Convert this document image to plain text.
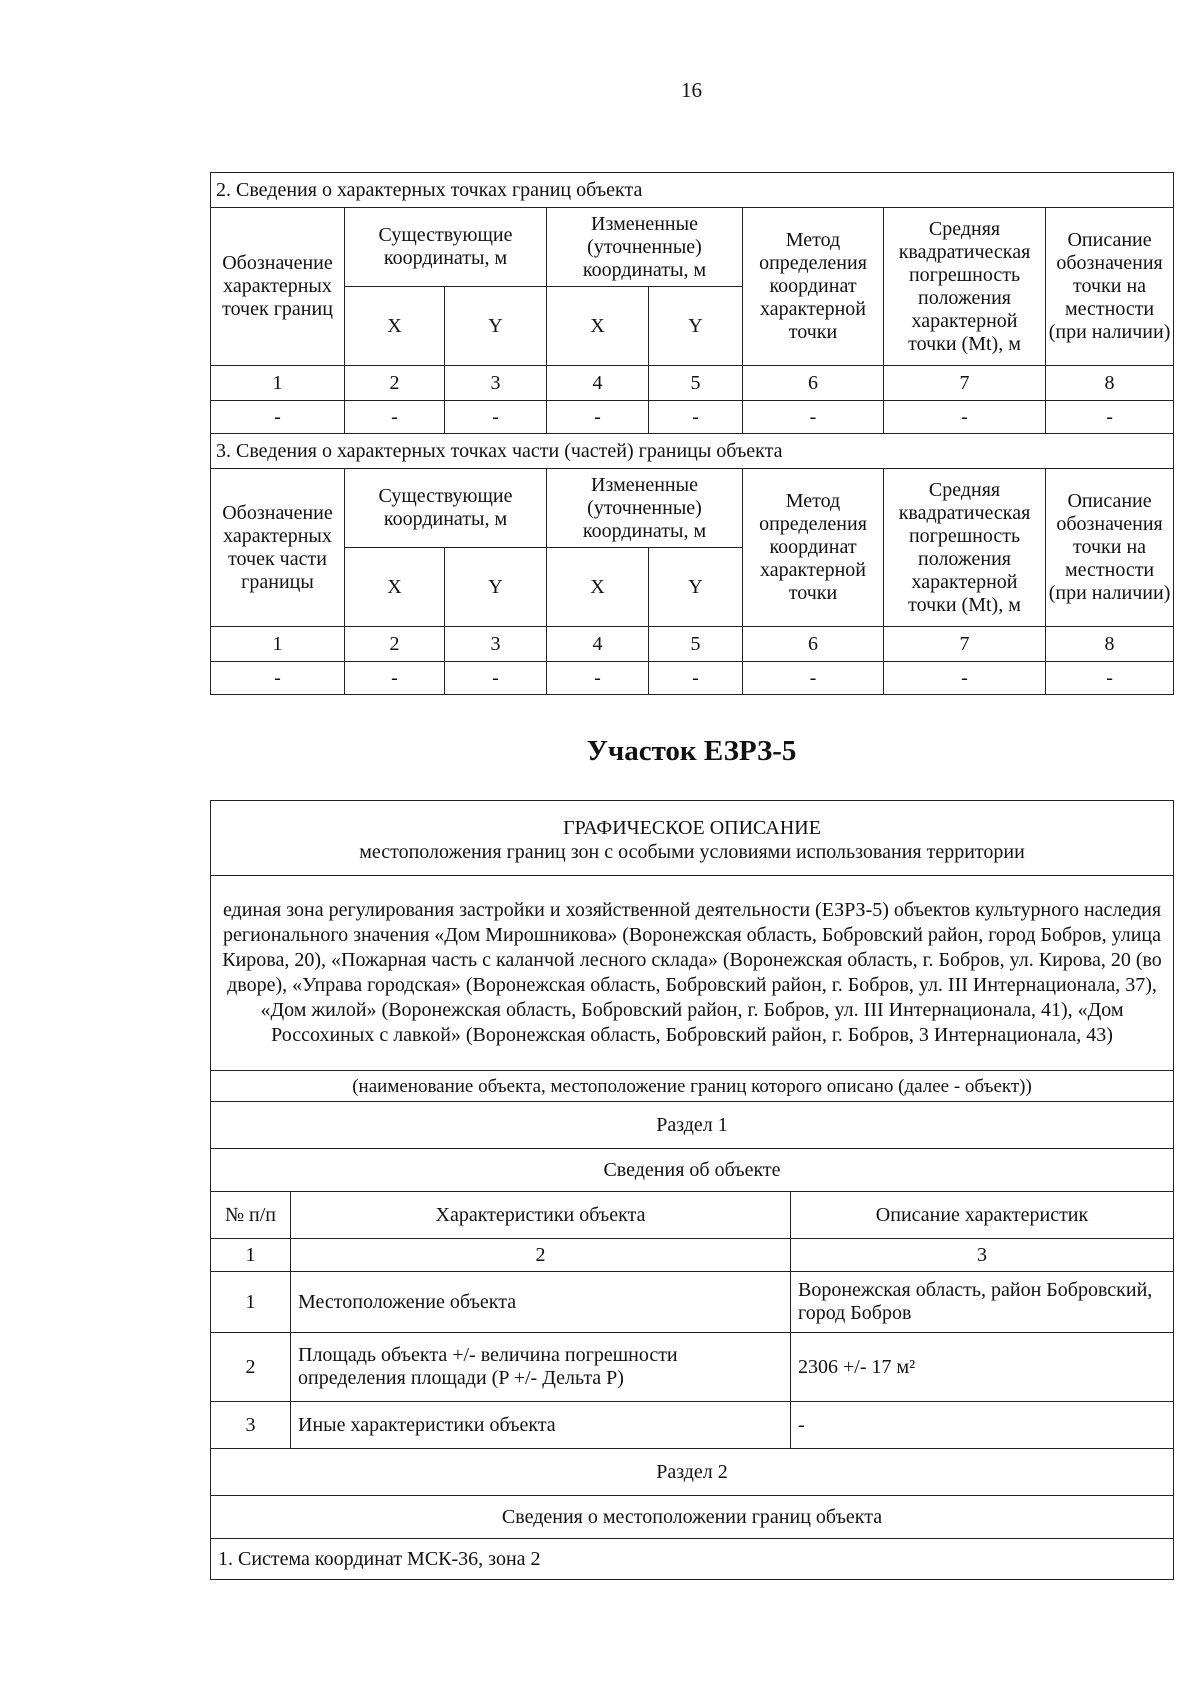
16
2. Сведения о характерных точках границ объекта							
Обозначение характерных точек границ	Существующие координаты, м		Измененные (уточненные) координаты, м		Метод определения координат характерной точки	Средняя квадратическая погрешность положения характерной точки (Mt), м	Описание обозначения точки на местности (при наличии)
	X	Y	X	Y			
1	2	3	4	5	6	7	8
-	-	-	-	-	-	-	-
3. Сведения о характерных точках части (частей) границы объекта							
Обозначение характерных точек части границы	Существующие координаты, м		Измененные (уточненные) координаты, м		Метод определения координат характерной точки	Средняя квадратическая погрешность положения характерной точки (Mt), м	Описание обозначения точки на местности (при наличии)
	X	Y	X	Y			
1	2	3	4	5	6	7	8
-	-	-	-	-	-	-	-
Участок ЕЗРЗ-5
ГРАФИЧЕСКОЕ ОПИСАНИЕ
местоположения границ зон с особыми условиями использования территории		

единая зона регулирования застройки и хозяйственной деятельности (ЕЗРЗ-5) объектов культурного наследия регионального значения «Дом Мирошникова» (Воронежская область, Бобровский район, город Бобров, улица Кирова, 20), «Пожарная часть с каланчой лесного склада» (Воронежская область, г. Бобров, ул. Кирова, 20 (во дворе), «Управа городская» (Воронежская область, Бобровский район, г. Бобров, ул. III Интернационала, 37), «Дом жилой» (Воронежская область, Бобровский район, г. Бобров, ул. III Интернационала, 41), «Дом Россохиных с лавкой» (Воронежская область, Бобровский район, г. Бобров, 3 Интернационала, 43)		
(наименование объекта, местоположение границ которого описано (далее - объект))		
Раздел 1		
Сведения об объекте		
№ п/п	Характеристики объекта	Описание характеристик
1	2	3
1	Местоположение объекта	Воронежская область, район Бобровский, город Бобров
2	Площадь объекта +/- величина погрешности определения площади (P +/- Дельта P)	2306 +/- 17 м²
3	Иные характеристики объекта	-
Раздел 2		
Сведения о местоположении границ объекта		
1. Система координат МСК-36, зона 2		
